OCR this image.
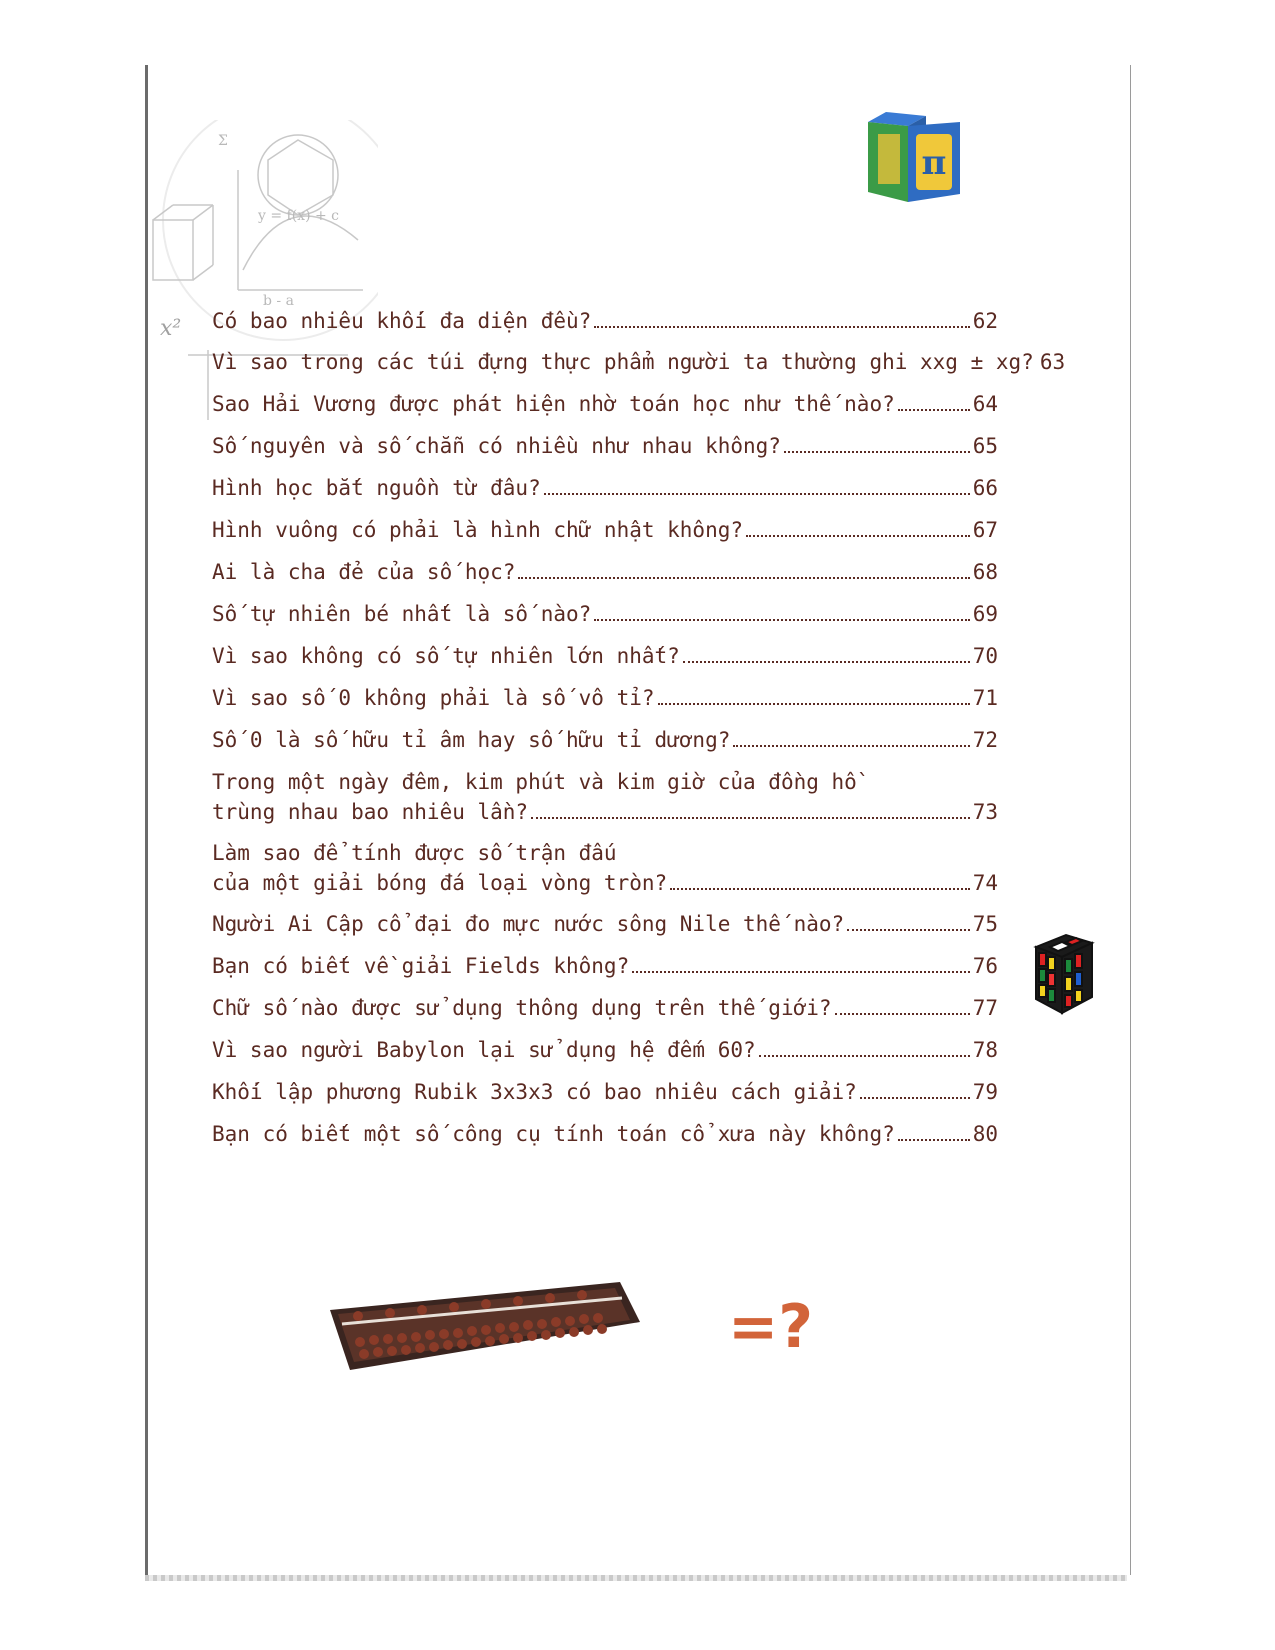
Σ
y = f(x) + c
b - a
x²
π
Có bao nhiêu khối đa diện đều?	62
Vì sao trong các túi đựng thực phẩm người ta thường ghi xxg ± xg? 63
Sao Hải Vương được phát hiện nhờ toán học như thế nào?	64
Số nguyên và số chẵn có nhiều như nhau không?	65
Hình học bắt nguồn từ đâu?	66
Hình vuông có phải là hình chữ nhật không?	67
Ai là cha đẻ của số học?	68
Số tự nhiên bé nhất là số nào?	69
Vì sao không có số tự nhiên lớn nhất?	70
Vì sao số 0 không phải là số vô tỉ?	71
Số 0 là số hữu tỉ âm hay số hữu tỉ dương?	72
Trong một ngày đêm, kim phút và kim giờ của đồng hồ
trùng nhau bao nhiêu lần?	73
Làm sao để tính được số trận đấu
của một giải bóng đá loại vòng tròn?	74
Người Ai Cập cổ đại đo mực nước sông Nile thế nào?	75
Bạn có biết về giải Fields không?	76
Chữ số nào được sử dụng thông dụng trên thế giới?	77
Vì sao người Babylon lại sử dụng hệ đếm 60?	78
Khối lập phương Rubik 3x3x3 có bao nhiêu cách giải?	79
Bạn có biết một số công cụ tính toán cổ xưa này không?	80
=?
